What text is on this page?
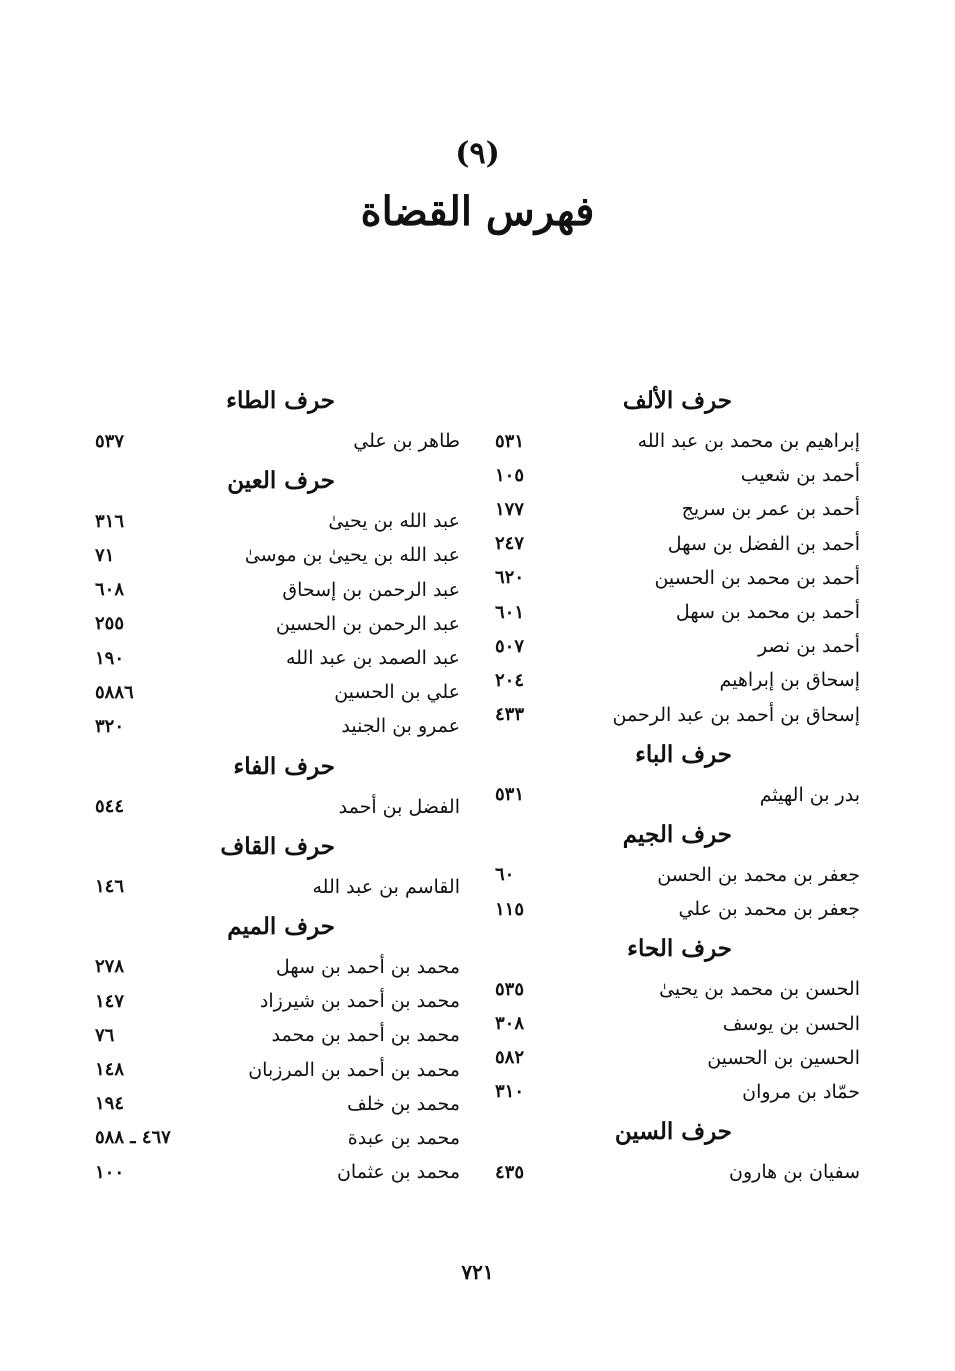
(٩)
فهرس القضاة
حرف الألف
إبراهيم بن محمد بن عبد الله
٥٣١
أحمد بن شعيب
١٠٥
أحمد بن عمر بن سريج
١٧٧
أحمد بن الفضل بن سهل
٢٤٧
أحمد بن محمد بن الحسين
٦٢٠
أحمد بن محمد بن سهل
٦٠١
أحمد بن نصر
٥٠٧
إسحاق بن إبراهيم
٢٠٤
إسحاق بن أحمد بن عبد الرحمن
٤٣٣
حرف الباء
بدر بن الهيثم
٥٣١
حرف الجيم
جعفر بن محمد بن الحسن
٦٠
جعفر بن محمد بن علي
١١٥
حرف الحاء
الحسن بن محمد بن يحيىٰ
٥٣٥
الحسن بن يوسف
٣٠٨
الحسين بن الحسين
٥٨٢
حمّاد بن مروان
٣١٠
حرف السين
سفيان بن هارون
٤٣٥
حرف الطاء
طاهر بن علي
٥٣٧
حرف العين
عبد الله بن يحيىٰ
٣١٦
عبد الله بن يحيىٰ بن موسىٰ
٧١
عبد الرحمن بن إسحاق
٦٠٨
عبد الرحمن بن الحسين
٢٥٥
عبد الصمد بن عبد الله
١٩٠
علي بن الحسين
٥٨٨٦
عمرو بن الجنيد
٣٢٠
حرف الفاء
الفضل بن أحمد
٥٤٤
حرف القاف
القاسم بن عبد الله
١٤٦
حرف الميم
محمد بن أحمد بن سهل
٢٧٨
محمد بن أحمد بن شيرزاد
١٤٧
محمد بن أحمد بن محمد
٧٦
محمد بن أحمد بن المرزبان
١٤٨
محمد بن خلف
١٩٤
محمد بن عبدة
٤٦٧ ـ ٥٨٨
محمد بن عثمان
١٠٠
٧٢١
